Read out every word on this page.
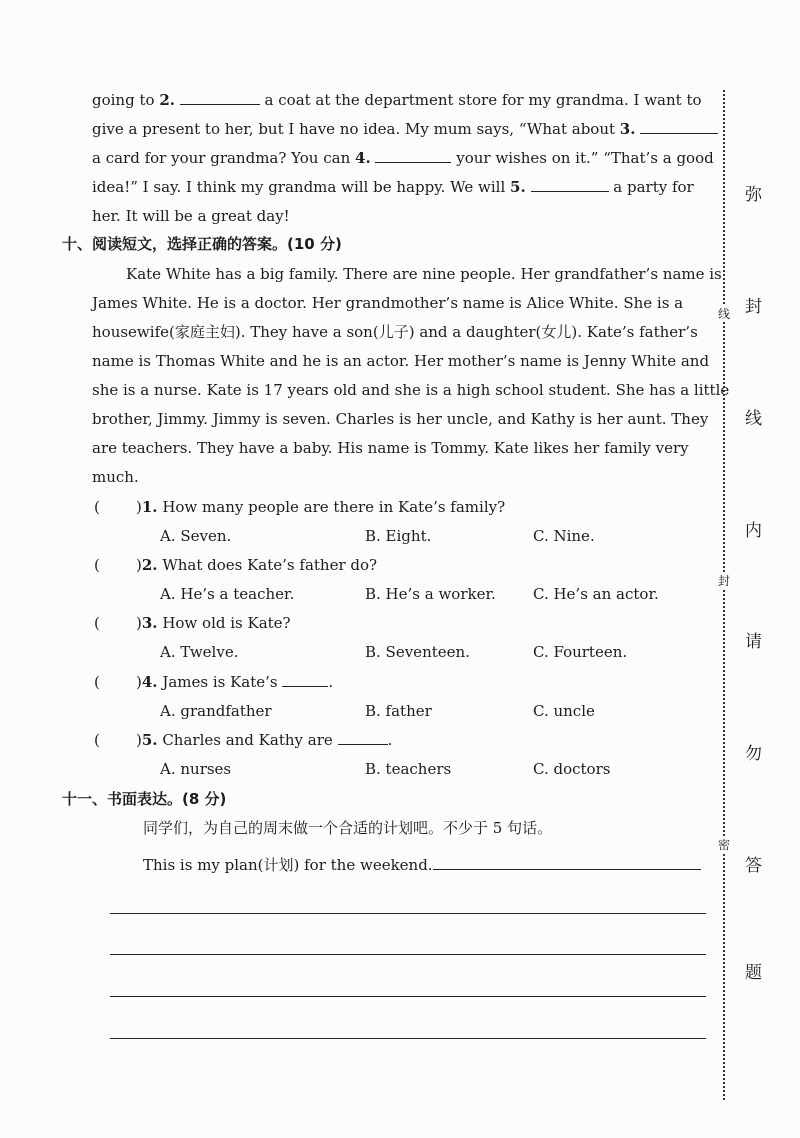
going to 2.	a coat at the department store for my grandma. I want to
give a present to her, but I have no idea. My mum says, “What about 3.
a card for your grandma? You can 4.	your wishes on it.” “That’s a good
idea!” I say. I think my grandma will be happy. We will 5.	a party for
her. It will be a great day!
十、阅读短文，选择正确的答案。(10 分)
Kate White has a big family. There are nine people. Her grandfather’s name is
James White. He is a doctor. Her grandmother’s name is Alice White. She is a
housewife(家庭主妇). They have a son(儿子) and a daughter(女儿). Kate’s father’s
name is Thomas White and he is an actor. Her mother’s name is Jenny White and
she is a nurse. Kate is 17 years old and she is a high school student. She has a little
brother, Jimmy. Jimmy is seven. Charles is her uncle, and Kathy is her aunt. They
are teachers. They have a baby. His name is Tommy. Kate likes her family very
much.
( )1. How many people are there in Kate’s family?
A. Seven.	B. Eight.	C. Nine.
( )2. What does Kate’s father do?
A. He’s a teacher.	B. He’s a worker. C. He’s an actor.
( )3. How old is Kate?
A. Twelve.	B. Seventeen.	C. Fourteen.
( )4. James is Kate’s	.
A. grandfather	B. father	C. uncle
( )5. Charles and Kathy are	.
A. nurses	B. teachers	C. doctors
十一、书面表达。(8 分)
同学们，为自己的周末做一个合适的计划吧。不少于 5 句话。
This is my plan(计划) for the weekend.
线
封
密
弥
封
线
内
请
勿
答
题
